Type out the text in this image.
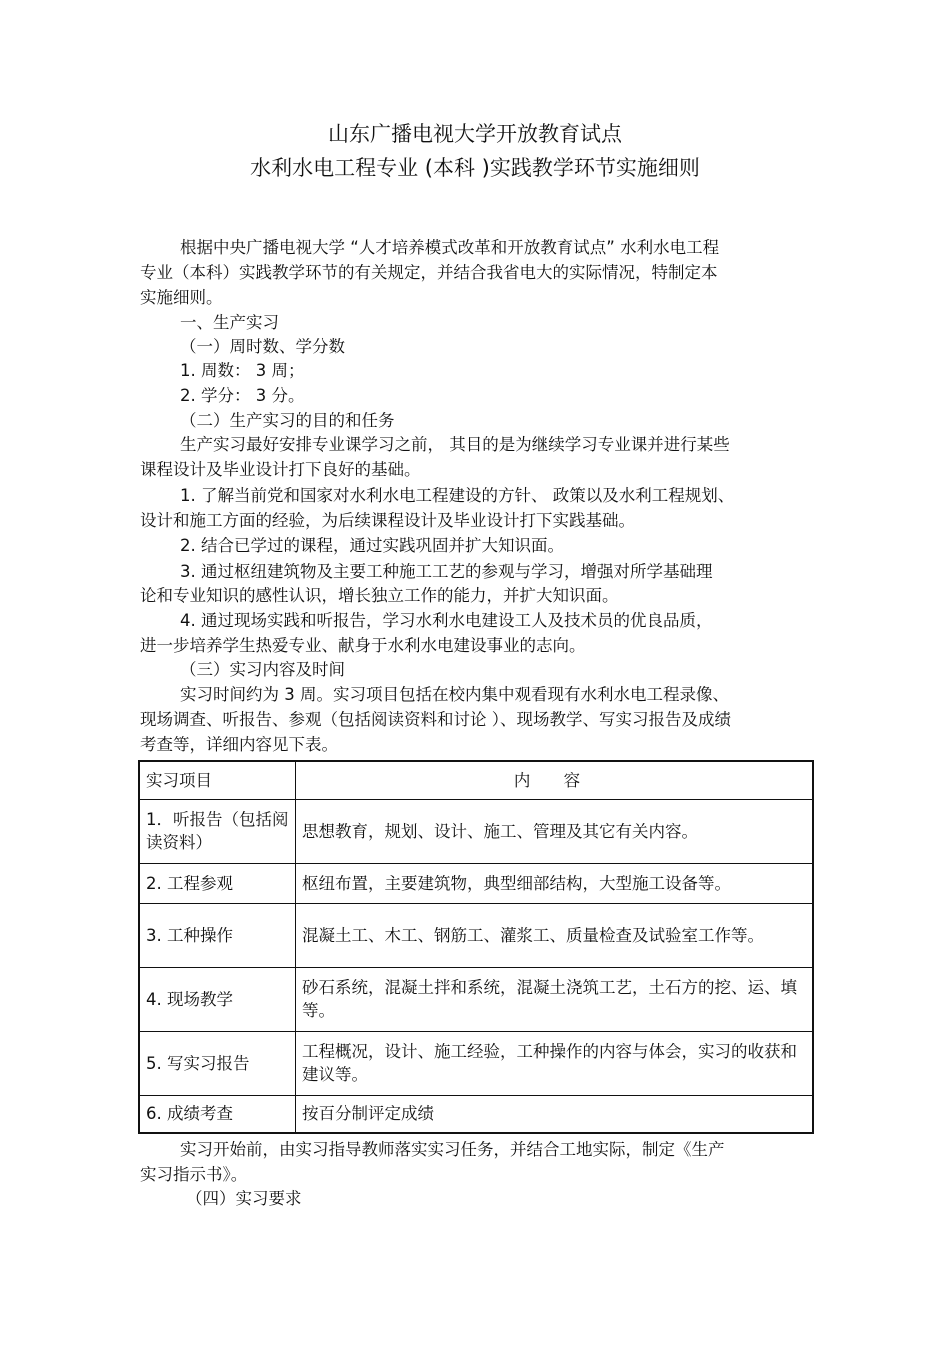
山东广播电视大学开放教育试点
水利水电工程专业 (本科 )实践教学环节实施细则
根据中央广播电视大学 “人才培养模式改革和开放教育试点” 水利水电工程
专业（本科）实践教学环节的有关规定，并结合我省电大的实际情况，特制定本
实施细则。
一、生产实习
（一）周时数、学分数
1. 周数： 3 周；
2. 学分： 3 分。
（二）生产实习的目的和任务
生产实习最好安排专业课学习之前， 其目的是为继续学习专业课并进行某些
课程设计及毕业设计打下良好的基础。
1. 了解当前党和国家对水利水电工程建设的方针、 政策以及水利工程规划、
设计和施工方面的经验，为后续课程设计及毕业设计打下实践基础。
2. 结合已学过的课程，通过实践巩固并扩大知识面。
3. 通过枢纽建筑物及主要工种施工工艺的参观与学习，增强对所学基础理
论和专业知识的感性认识，增长独立工作的能力，并扩大知识面。
4. 通过现场实践和听报告，学习水利水电建设工人及技术员的优良品质，
进一步培养学生热爱专业、献身于水利水电建设事业的志向。
（三）实习内容及时间
实习时间约为 3 周。实习项目包括在校内集中观看现有水利水电工程录像、
现场调查、听报告、参观（包括阅读资料和讨论 ）、现场教学、写实习报告及成绩
考查等，详细内容见下表。
实习项目	内 容
1．听报告（包括阅读资料）	思想教育，规划、设计、施工、管理及其它有关内容。
2. 工程参观	枢纽布置，主要建筑物，典型细部结构，大型施工设备等。
3. 工种操作	混凝土工、木工、钢筋工、灌浆工、质量检查及试验室工作等。
4. 现场教学	砂石系统，混凝土拌和系统，混凝土浇筑工艺，土石方的挖、运、填等。
5. 写实习报告	工程概况，设计、施工经验，工种操作的内容与体会，实习的收获和建议等。
6. 成绩考查	按百分制评定成绩
实习开始前，由实习指导教师落实实习任务，并结合工地实际，制定《生产
实习指示书》。
（四）实习要求
